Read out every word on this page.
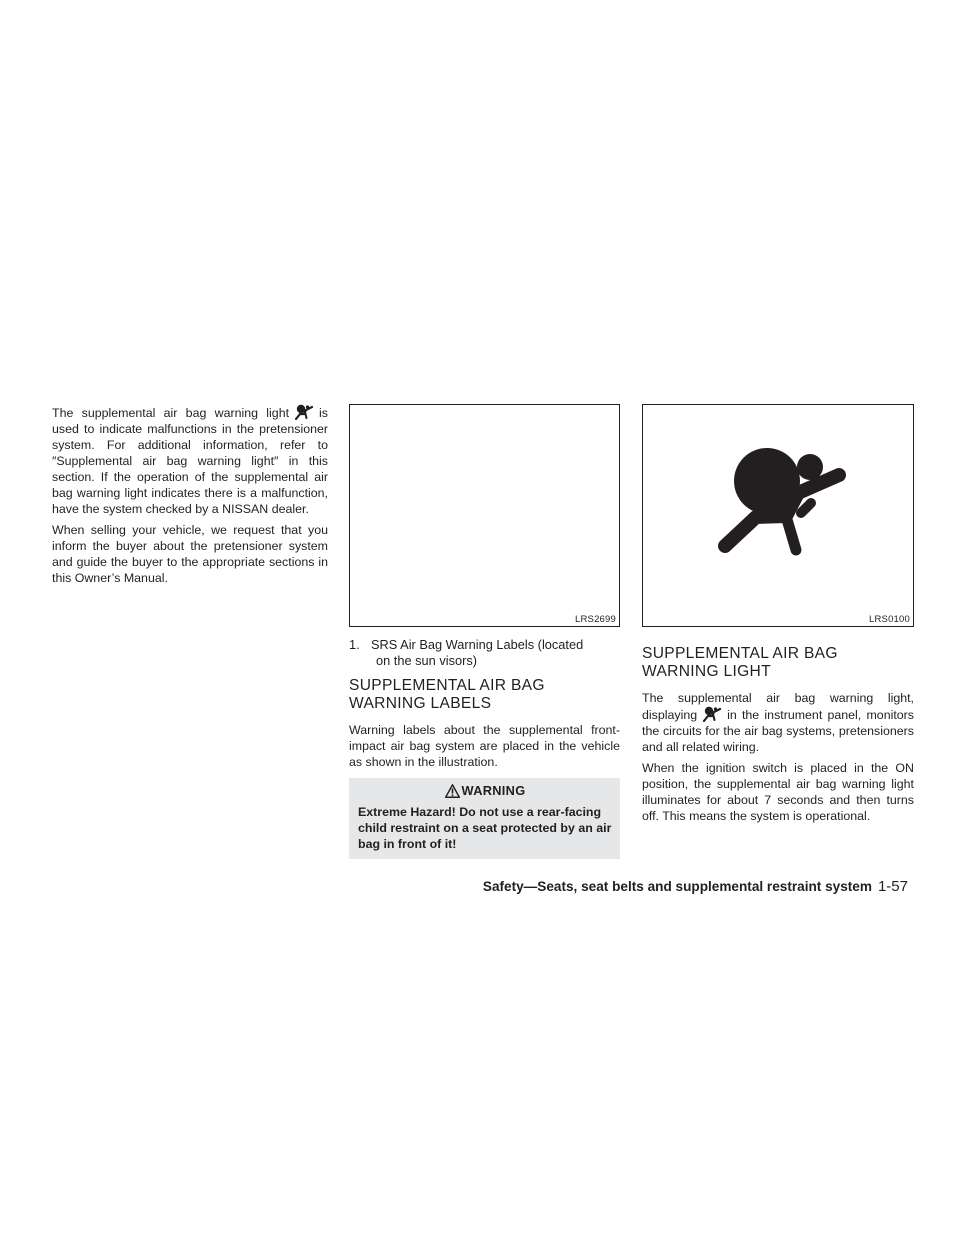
The supplemental air bag warning light is used to indicate malfunctions in the pretensioner system. For additional information, refer to ″Supplemental air bag warning light″ in this section. If the operation of the supplemental air bag warning light indicates there is a malfunction, have the system checked by a NISSAN dealer.

When selling your vehicle, we request that you inform the buyer about the pretensioner system and guide the buyer to the appropriate sections in this Owner’s Manual.

LRS2699
1. SRS Air Bag Warning Labels (located
on the sun visors)
SUPPLEMENTAL AIR BAG
WARNING LABELS

Warning labels about the supplemental front-impact air bag system are placed in the vehicle as shown in the illustration.

WARNING
Extreme Hazard! Do not use a rear-facing child restraint on a seat protected by an air bag in front of it!
LRS0100
SUPPLEMENTAL AIR BAG
WARNING LIGHT

The supplemental air bag warning light, displaying in the instrument panel, monitors the circuits for the air bag systems, pretensioners and all related wiring.

When the ignition switch is placed in the ON position, the supplemental air bag warning light illuminates for about 7 seconds and then turns off. This means the system is operational.

Safety—Seats, seat belts and supplemental restraint system 1-57
